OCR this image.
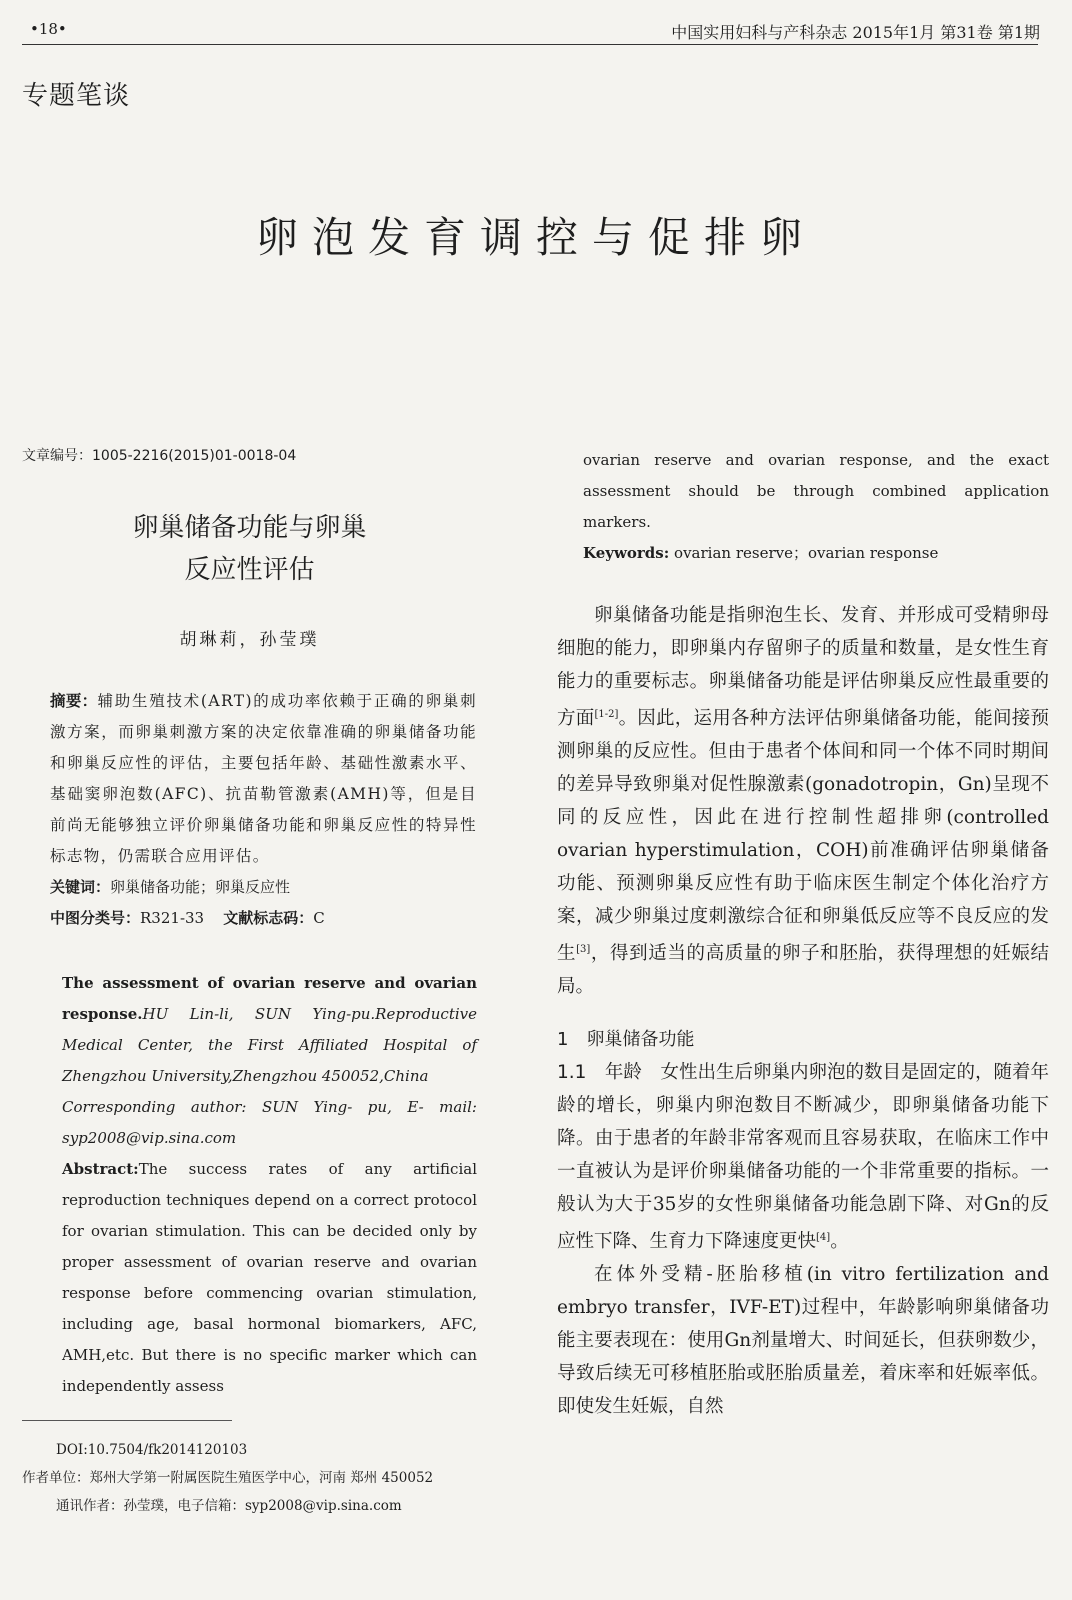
•18•	中国实用妇科与产科杂志 2015年1月 第31卷 第1期
专题笔谈
卵泡发育调控与促排卵

文章编号：1005-2216(2015)01-0018-04

卵巢储备功能与卵巢
反应性评估
胡琳莉，孙莹璞
摘要：辅助生殖技术(ART)的成功率依赖于正确的卵巢刺激方案，而卵巢刺激方案的决定依靠准确的卵巢储备功能和卵巢反应性的评估，主要包括年龄、基础性激素水平、基础窦卵泡数(AFC)、抗苗勒管激素(AMH)等，但是目前尚无能够独立评价卵巢储备功能和卵巢反应性的特异性标志物，仍需联合应用评估。
关键词：卵巢储备功能；卵巢反应性
中图分类号：R321-33 文献标志码：C
The assessment of ovarian reserve and ovarian response.HU Lin-li, SUN Ying-pu.Reproductive Medical Center, the First Affiliated Hospital of Zhengzhou University,Zhengzhou 450052,China
Corresponding author: SUN Ying- pu, E- mail: syp2008@vip.sina.com
Abstract:The success rates of any artificial reproduction techniques depend on a correct protocol for ovarian stimulation. This can be decided only by proper assessment of ovarian reserve and ovarian response before commencing ovarian stimulation, including age, basal hormonal biomarkers, AFC, AMH,etc. But there is no specific marker which can independently assess
DOI:10.7504/fk2014120103
作者单位：郑州大学第一附属医院生殖医学中心，河南 郑州 450052
通讯作者：孙莹璞，电子信箱：syp2008@vip.sina.com
ovarian reserve and ovarian response, and the exact assessment should be through combined application markers.
Keywords: ovarian reserve；ovarian response

卵巢储备功能是指卵泡生长、发育、并形成可受精卵母细胞的能力，即卵巢内存留卵子的质量和数量，是女性生育能力的重要标志。卵巢储备功能是评估卵巢反应性最重要的方面[1-2]。因此，运用各种方法评估卵巢储备功能，能间接预测卵巢的反应性。但由于患者个体间和同一个体不同时期间的差异导致卵巢对促性腺激素(gonadotropin，Gn)呈现不同的反应性，因此在进行控制性超排卵(controlled ovarian hyperstimulation，COH)前准确评估卵巢储备功能、预测卵巢反应性有助于临床医生制定个体化治疗方案，减少卵巢过度刺激综合征和卵巢低反应等不良反应的发生[3]，得到适当的高质量的卵子和胚胎，获得理想的妊娠结局。

1　卵巢储备功能

1.1　年龄　女性出生后卵巢内卵泡的数目是固定的，随着年龄的增长，卵巢内卵泡数目不断减少，即卵巢储备功能下降。由于患者的年龄非常客观而且容易获取，在临床工作中一直被认为是评价卵巢储备功能的一个非常重要的指标。一般认为大于35岁的女性卵巢储备功能急剧下降、对Gn的反应性下降、生育力下降速度更快[4]。

在体外受精-胚胎移植(in vitro fertilization and embryo transfer，IVF-ET)过程中，年龄影响卵巢储备功能主要表现在：使用Gn剂量增大、时间延长，但获卵数少，导致后续无可移植胚胎或胚胎质量差，着床率和妊娠率低。即使发生妊娠，自然
